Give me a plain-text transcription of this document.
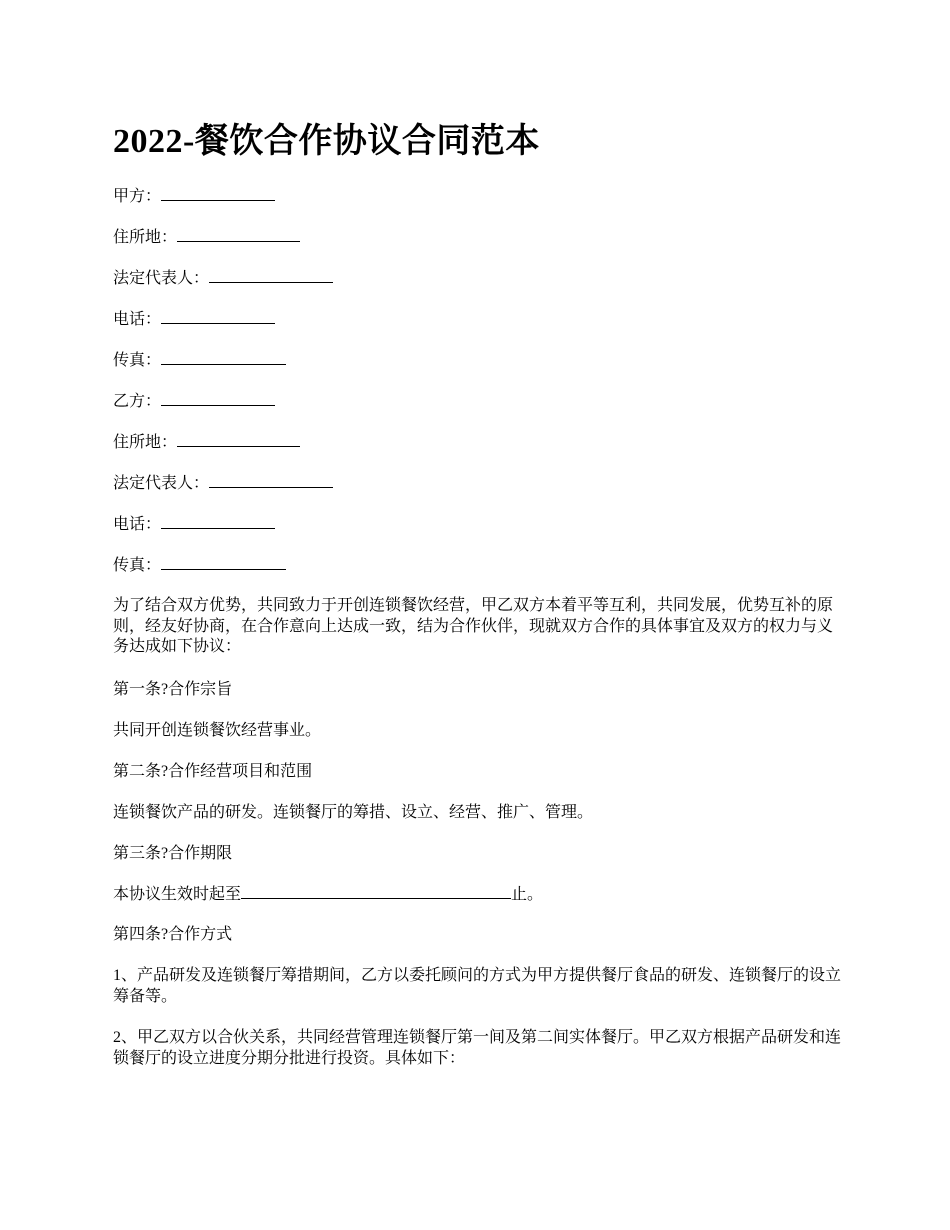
2022-餐饮合作协议合同范本
甲方：
住所地：
法定代表人：
电话：
传真：
乙方：
住所地：
法定代表人：
电话：
传真：
为了结合双方优势，共同致力于开创连锁餐饮经营，甲乙双方本着平等互利，共同发展，优势互补的原则，经友好协商，在合作意向上达成一致，结为合作伙伴，现就双方合作的具体事宜及双方的权力与义务达成如下协议：
第一条?合作宗旨
共同开创连锁餐饮经营事业。
第二条?合作经营项目和范围
连锁餐饮产品的研发。连锁餐厅的筹措、设立、经营、推广、管理。
第三条?合作期限
本协议生效时起至	止。
第四条?合作方式
1、产品研发及连锁餐厅筹措期间，乙方以委托顾问的方式为甲方提供餐厅食品的研发、连锁餐厅的设立筹备等。
2、甲乙双方以合伙关系，共同经营管理连锁餐厅第一间及第二间实体餐厅。甲乙双方根据产品研发和连锁餐厅的设立进度分期分批进行投资。具体如下：
